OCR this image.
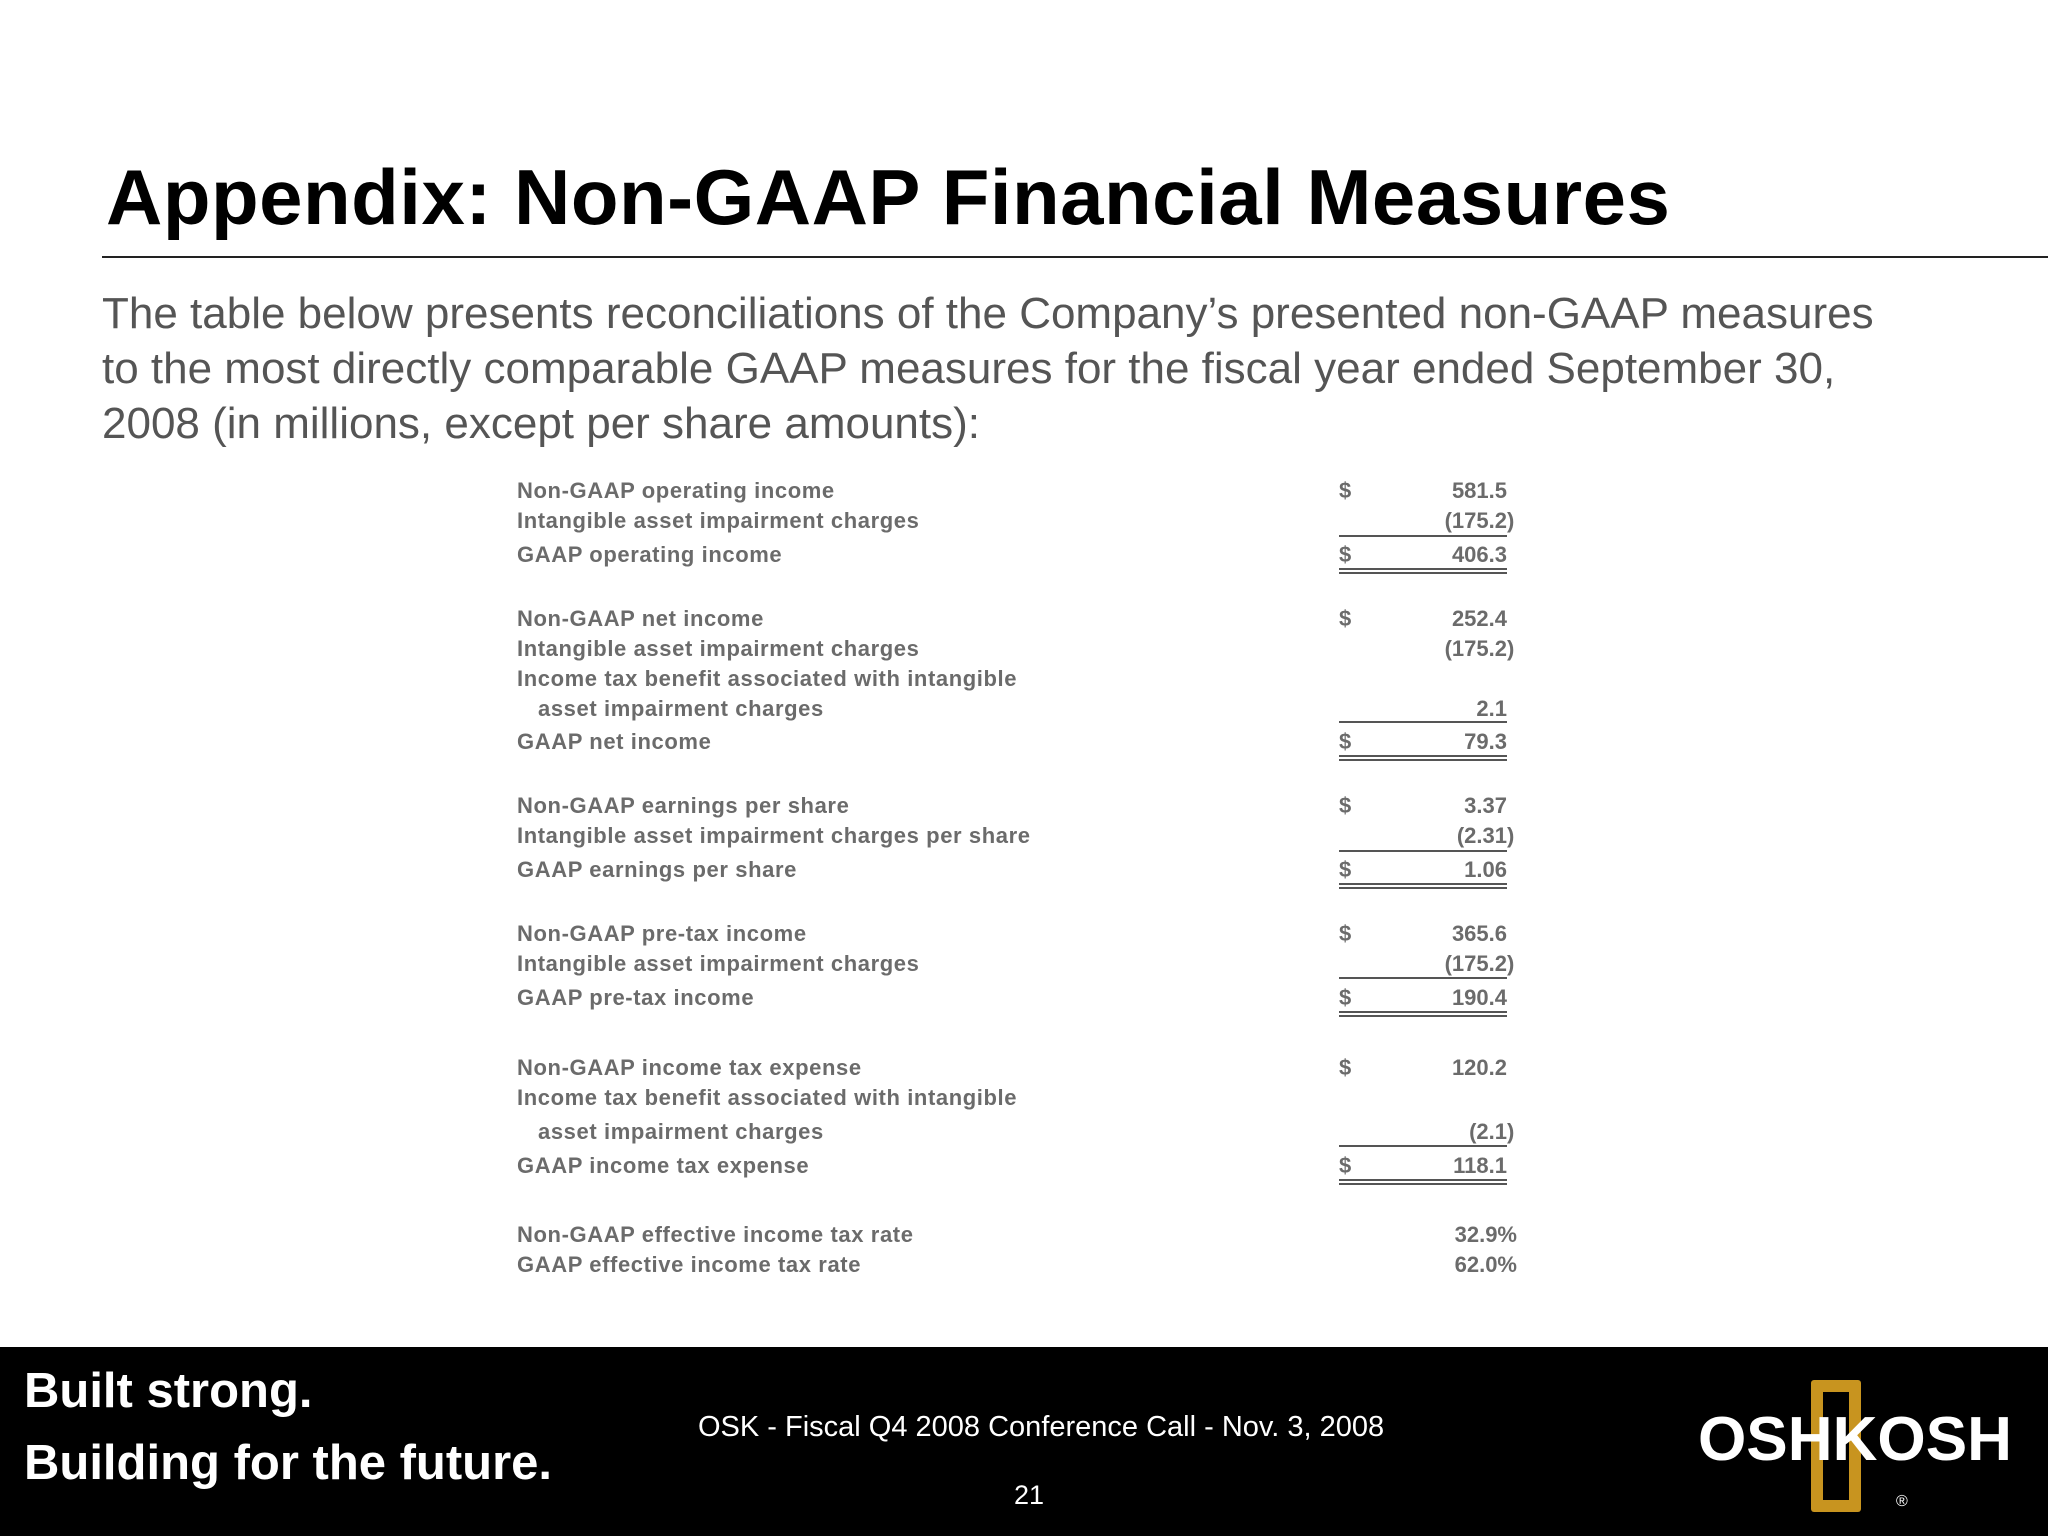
Appendix: Non-GAAP Financial Measures
The table below presents reconciliations of the Company’s presented non-GAAP measures to the most directly comparable GAAP measures for the fiscal year ended September 30, 2008 (in millions, except per share amounts):
Non-GAAP operating income	$	581.5
Intangible asset impairment charges	(175.2)
GAAP operating income	$	406.3
Non-GAAP net income	$	252.4
Intangible asset impairment charges	(175.2)
Income tax benefit associated with intangible
asset impairment charges	2.1
GAAP net income	$	79.3
Non-GAAP earnings per share	$	3.37
Intangible asset impairment charges per share	(2.31)
GAAP earnings per share	$	1.06
Non-GAAP pre-tax income	$	365.6
Intangible asset impairment charges	(175.2)
GAAP pre-tax income	$	190.4
Non-GAAP income tax expense	$	120.2
Income tax benefit associated with intangible
asset impairment charges	(2.1)
GAAP income tax expense	$	118.1
Non-GAAP effective income tax rate	32.9%
GAAP effective income tax rate	62.0%
Built strong.
Building for the future.
OSK - Fiscal Q4 2008 Conference Call - Nov. 3, 2008
21
OSHKOSH
®
